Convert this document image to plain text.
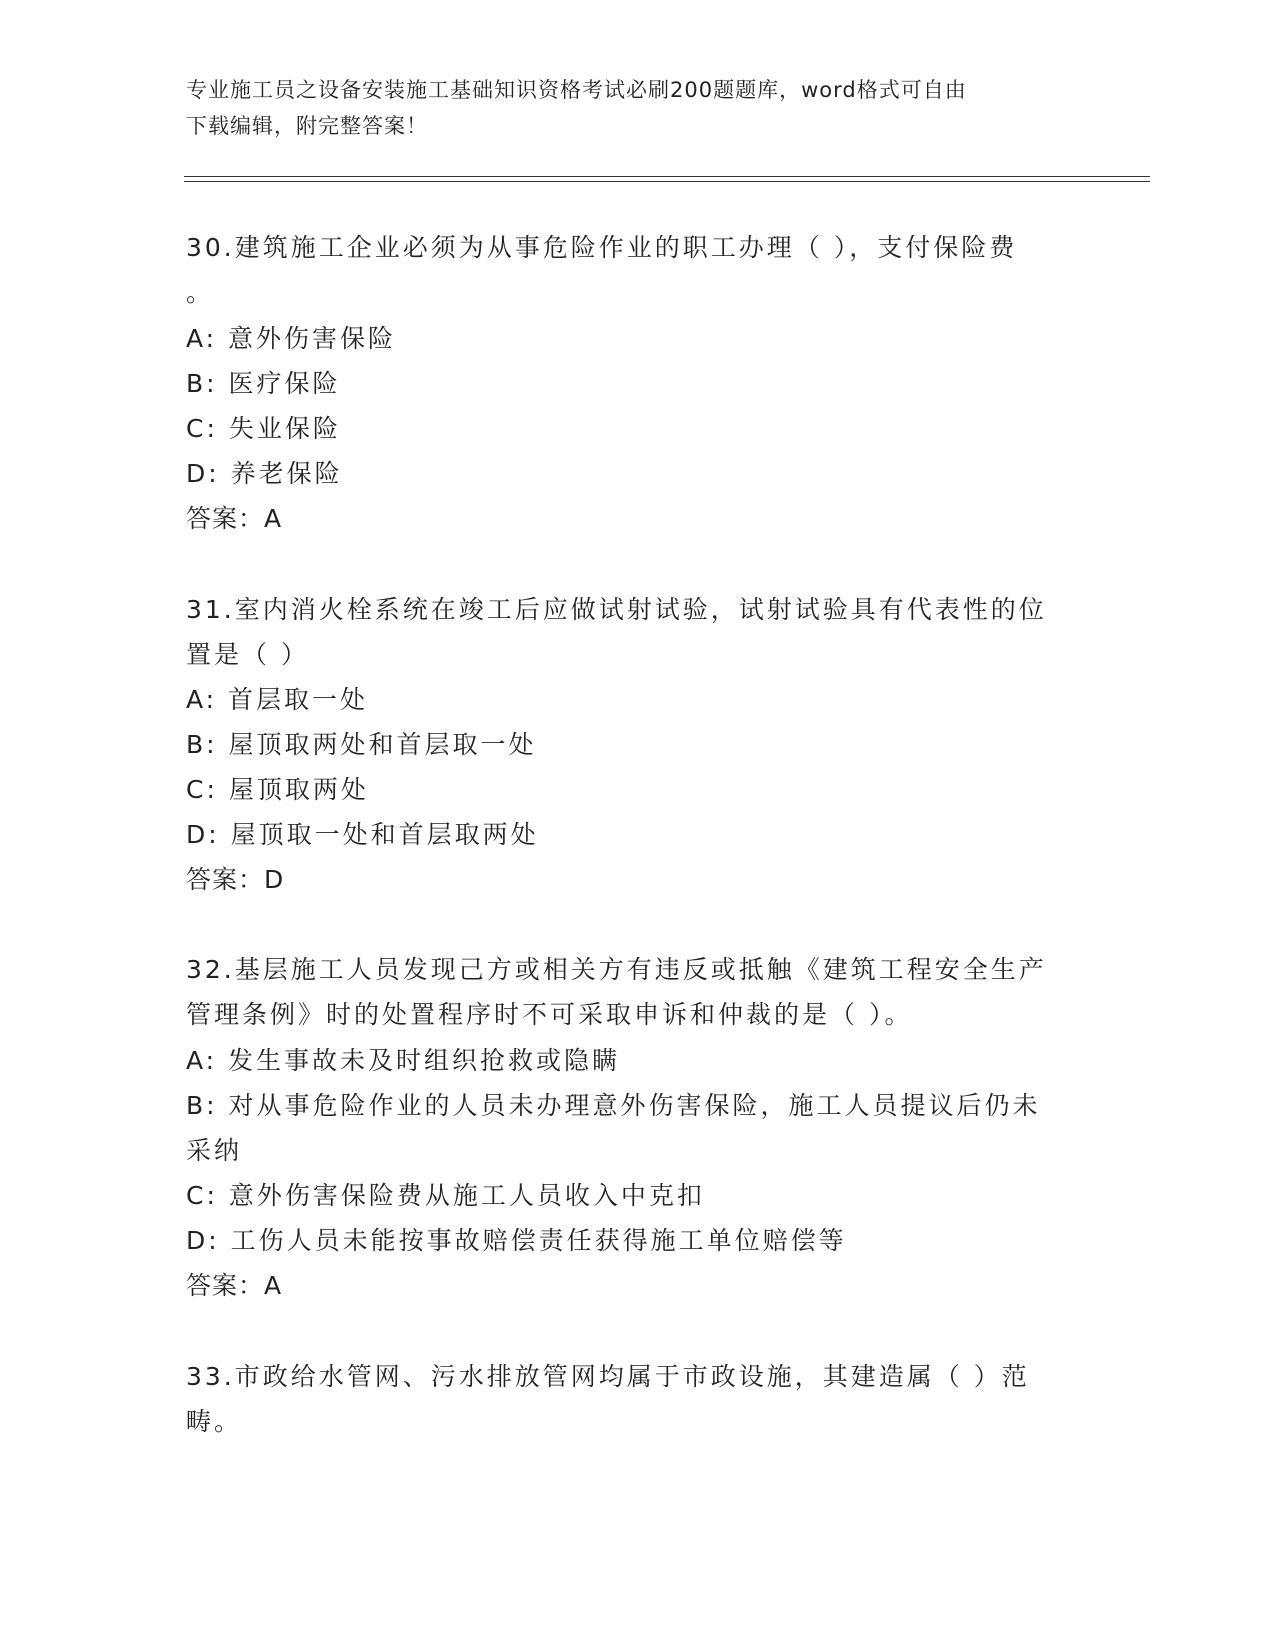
专业施工员之设备安装施工基础知识资格考试必刷200题题库，word格式可自由
下载编辑，附完整答案！
30.建筑施工企业必须为从事危险作业的职工办理（ ），支付保险费
。
A: 意外伤害保险
B: 医疗保险
C: 失业保险
D: 养老保险
答案：A
31.室内消火栓系统在竣工后应做试射试验，试射试验具有代表性的位
置是（ ）
A: 首层取一处
B: 屋顶取两处和首层取一处
C: 屋顶取两处
D: 屋顶取一处和首层取两处
答案：D
32.基层施工人员发现己方或相关方有违反或抵触《建筑工程安全生产
管理条例》时的处置程序时不可采取申诉和仲裁的是（ ）。
A: 发生事故未及时组织抢救或隐瞒
B: 对从事危险作业的人员未办理意外伤害保险，施工人员提议后仍未
采纳
C: 意外伤害保险费从施工人员收入中克扣
D: 工伤人员未能按事故赔偿责任获得施工单位赔偿等
答案：A
33.市政给水管网、污水排放管网均属于市政设施，其建造属（ ）范
畴。
